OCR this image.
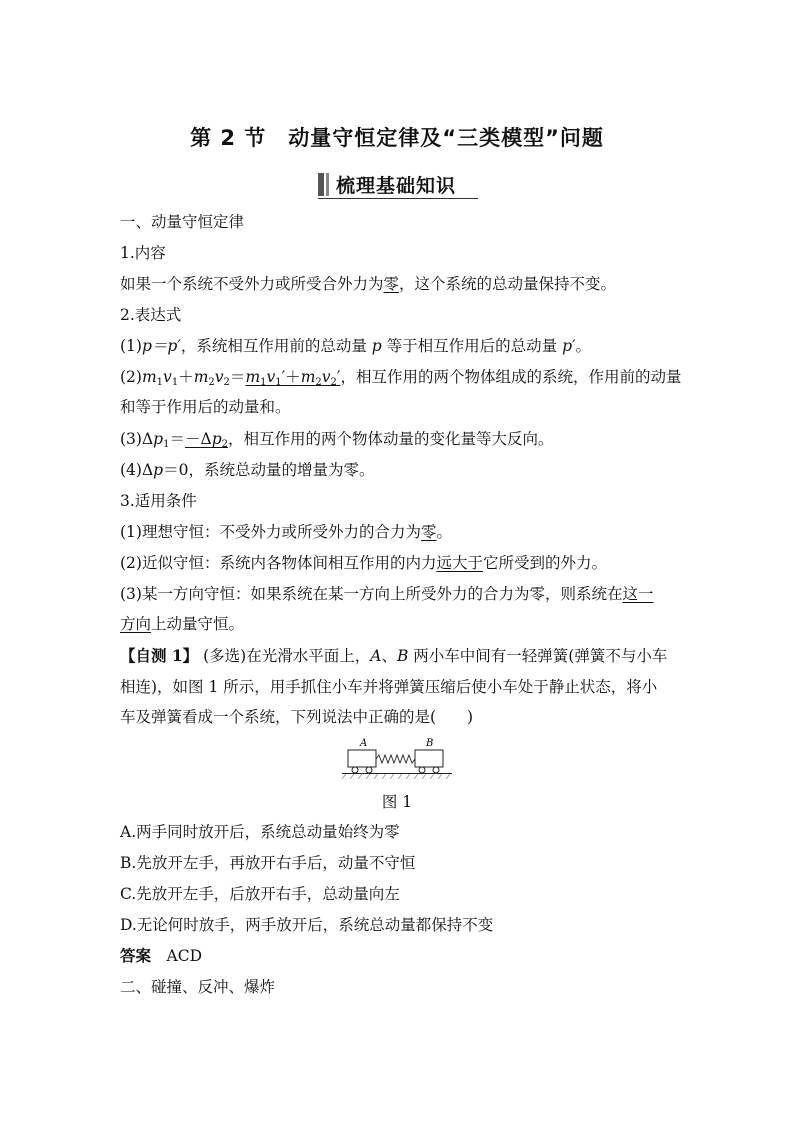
第 2 节　动量守恒定律及“三类模型”问题
梳理基础知识
一、动量守恒定律
1.内容
如果一个系统不受外力或所受合外力为零，这个系统的总动量保持不变。
2.表达式
(1)p＝p′，系统相互作用前的总动量 p 等于相互作用后的总动量 p′。
$(2)m_1v_1+m_2v_2=m_1v_1'+m_2v_2'$，相互作用的两个物体组成的系统，作用前的动量
和等于作用后的动量和。
$(3)\Delta p_1=-\Delta p_2$，相互作用的两个物体动量的变化量等大反向。
(4)Δp＝0，系统总动量的增量为零。
3.适用条件
(1)理想守恒：不受外力或所受外力的合力为零。
(2)近似守恒：系统内各物体间相互作用的内力远大于它所受到的外力。
(3)某一方向守恒：如果系统在某一方向上所受外力的合力为零，则系统在这一
方向上动量守恒。
【自测 1】 (多选)在光滑水平面上，A、B 两小车中间有一轻弹簧(弹簧不与小车
相连)，如图 1 所示，用手抓住小车并将弹簧压缩后使小车处于静止状态，将小
车及弹簧看成一个系统，下列说法中正确的是(　　)
A	B
图 1
A.两手同时放开后，系统总动量始终为零
B.先放开左手，再放开右手后，动量不守恒
C.先放开左手，后放开右手，总动量向左
D.无论何时放手，两手放开后，系统总动量都保持不变
答案　 ACD
二、碰撞、反冲、爆炸
